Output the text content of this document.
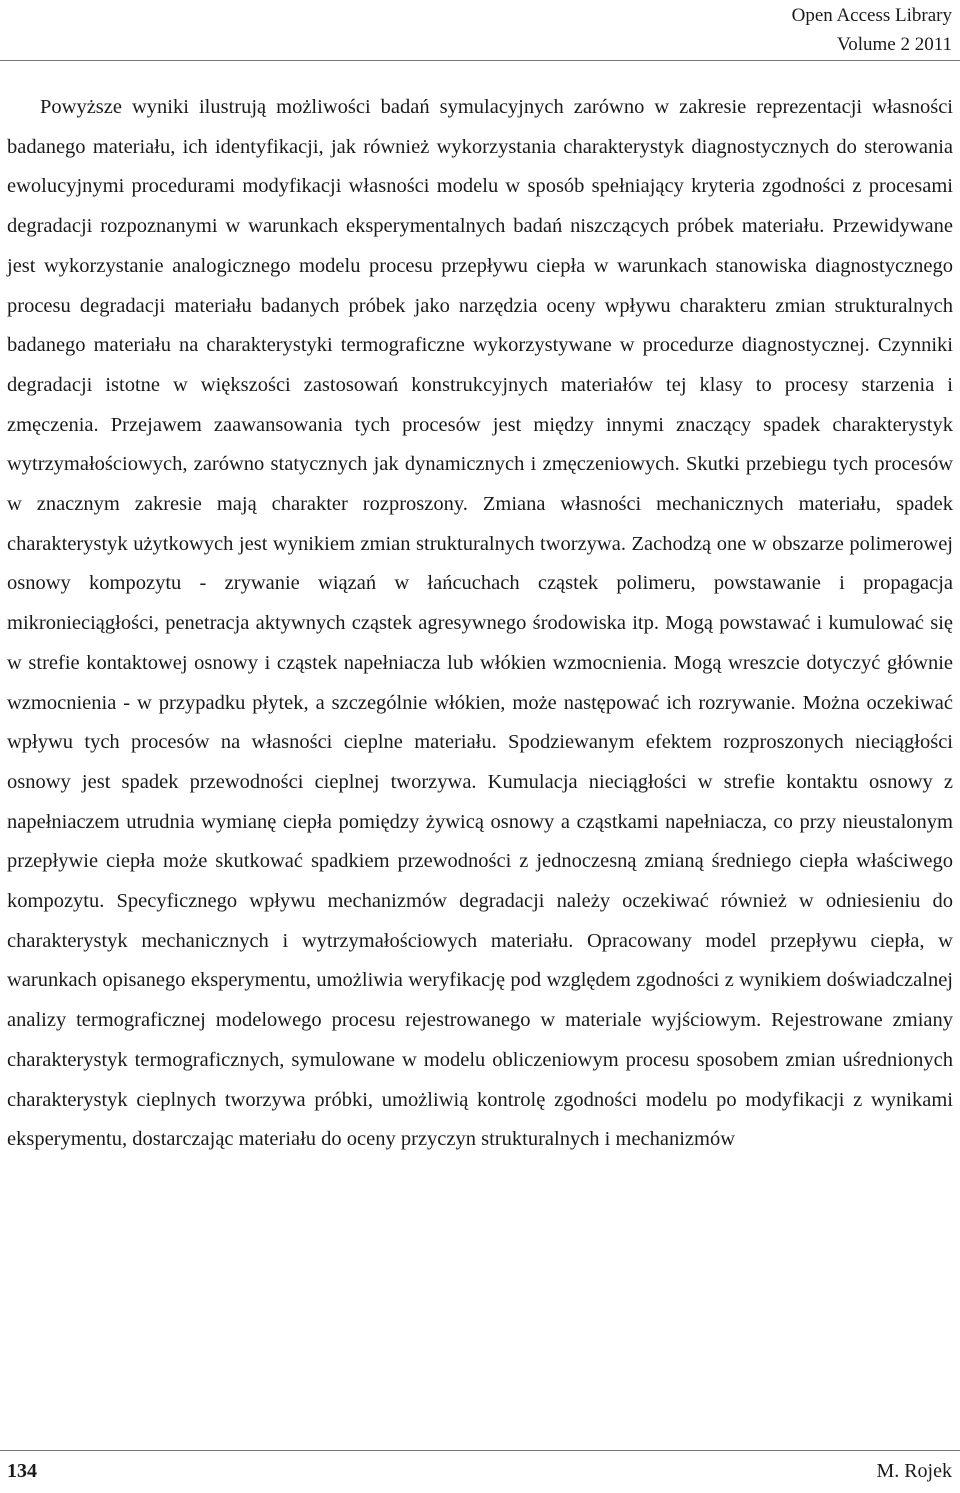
Open Access Library
Volume 2 2011

Powyższe wyniki ilustrują możliwości badań symulacyjnych zarówno w zakresie reprezentacji własności badanego materiału, ich identyfikacji, jak również wykorzystania charakterystyk diagnostycznych do sterowania ewolucyjnymi procedurami modyfikacji własności modelu w sposób spełniający kryteria zgodności z procesami degradacji rozpoznanymi w warunkach eksperymentalnych badań niszczących próbek materiału. Przewidywane jest wykorzystanie analogicznego modelu procesu przepływu ciepła w warunkach stanowiska diagnostycznego procesu degradacji materiału badanych próbek jako narzędzia oceny wpływu charakteru zmian strukturalnych badanego materiału na charakterystyki termograficzne wykorzystywane w procedurze diagnostycznej. Czynniki degradacji istotne w większości zastosowań konstrukcyjnych materiałów tej klasy to procesy starzenia i zmęczenia. Przejawem zaawansowania tych procesów jest między innymi znaczący spadek charakterystyk wytrzymałościowych, zarówno statycznych jak dynamicznych i zmęczeniowych. Skutki przebiegu tych procesów w znacznym zakresie mają charakter rozproszony. Zmiana własności mechanicznych materiału, spadek charakterystyk użytkowych jest wynikiem zmian strukturalnych tworzywa. Zachodzą one w obszarze polimerowej osnowy kompozytu - zrywanie wiązań w łańcuchach cząstek polimeru, powstawanie i propagacja mikronieciągłości, penetracja aktywnych cząstek agresywnego środowiska itp. Mogą powstawać i kumulować się w strefie kontaktowej osnowy i cząstek napełniacza lub włókien wzmocnienia. Mogą wreszcie dotyczyć głównie wzmocnienia - w przypadku płytek, a szczególnie włókien, może następować ich rozrywanie. Można oczekiwać wpływu tych procesów na własności cieplne materiału. Spodziewanym efektem rozproszonych nieciągłości osnowy jest spadek przewodności cieplnej tworzywa. Kumulacja nieciągłości w strefie kontaktu osnowy z napełniaczem utrudnia wymianę ciepła pomiędzy żywicą osnowy a cząstkami napełniacza, co przy nieustalonym przepływie ciepła może skutkować spadkiem przewodności z jednoczesną zmianą średniego ciepła właściwego kompozytu. Specyficznego wpływu mechanizmów degradacji należy oczekiwać również w odniesieniu do charakterystyk mechanicznych i wytrzymałościowych materiału. Opracowany model przepływu ciepła, w warunkach opisanego eksperymentu, umożliwia weryfikację pod względem zgodności z wynikiem doświadczalnej analizy termograficznej modelowego procesu rejestrowanego w materiale wyjściowym. Rejestrowane zmiany charakterystyk termograficznych, symulowane w modelu obliczeniowym procesu sposobem zmian uśrednionych charakterystyk cieplnych tworzywa próbki, umożliwią kontrolę zgodności modelu po modyfikacji z wynikami eksperymentu, dostarczając materiału do oceny przyczyn strukturalnych i mechanizmów

134	M. Rojek
